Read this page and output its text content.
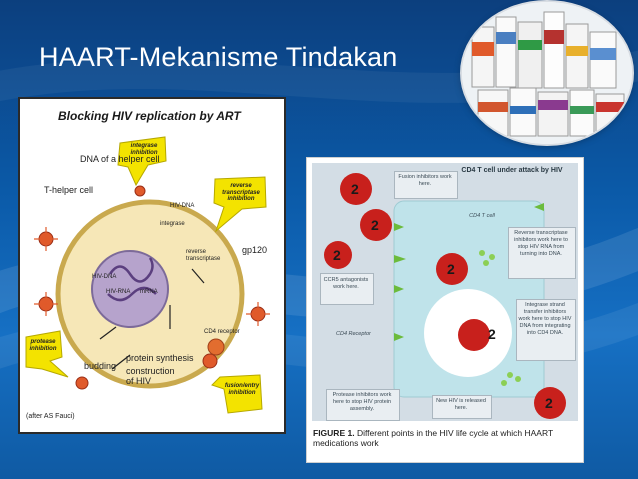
HAART-Mekanisme Tindakan
Blocking HIV replication by ART
DNA of a helper cell
T-helper cell
HIV-DNA
integrase
HIV-DNA
HIV-RNA mRNA
reverse transcriptase
gp120
CD4 receptor
budding
protein synthesis
construction of HIV
integrase inhibition
reverse transcriptase inhibition
protease inhibition
fusion/entry inhibition
(after AS Fauci)
2
2
2
2
2
2
CD4 T cell under attack by HIV
CD4 T cell
CD4 Receptor
Fusion inhibitors work here.
Reverse transcriptase inhibitors work here to stop HIV RNA from turning into DNA.
CCR5 antagonists work here.
Integrase strand transfer inhibitors work here to stop HIV DNA from integrating into CD4 DNA.
Protease inhibitors work here to stop HIV protein assembly.
New HIV is released here.
FIGURE 1. Different points in the HIV life cycle at which HAART medications work
